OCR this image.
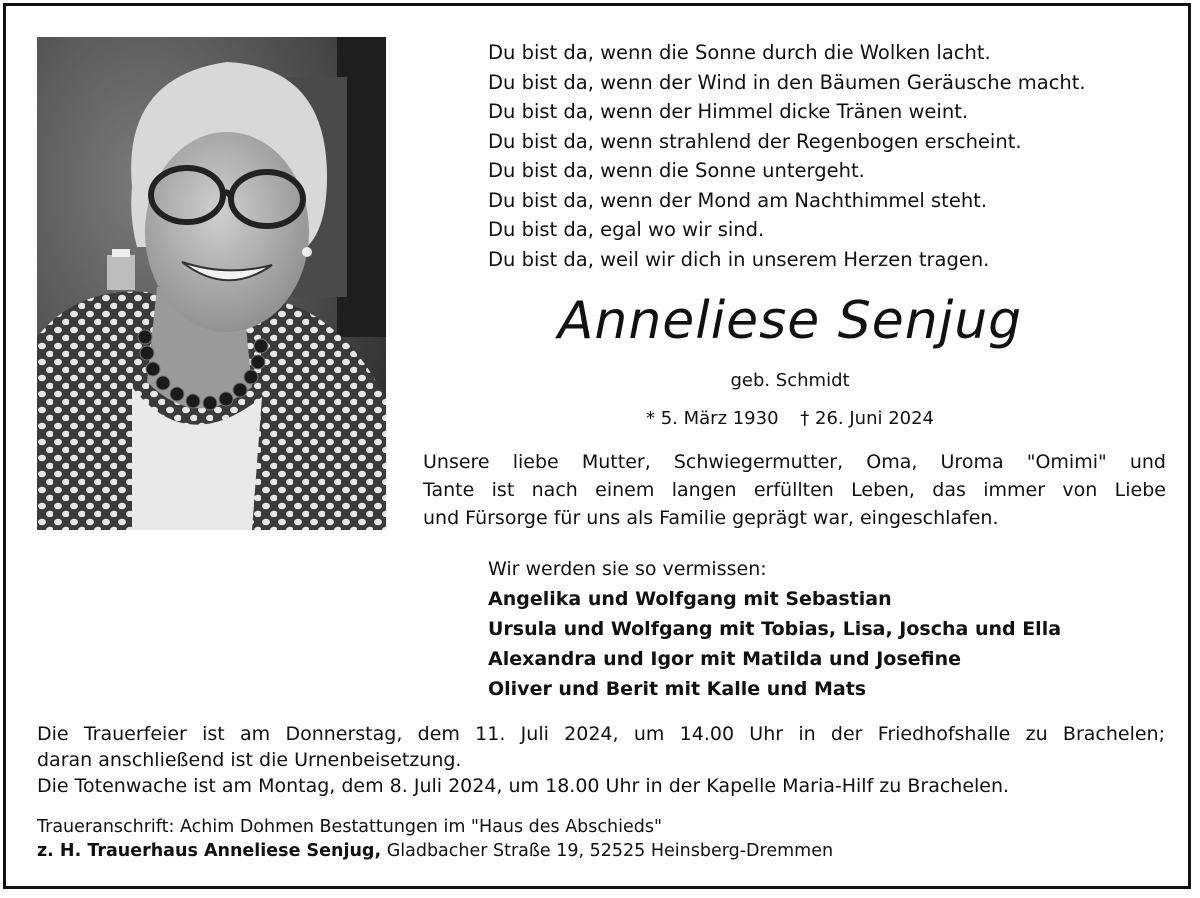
Du bist da, wenn die Sonne durch die Wolken lacht.
Du bist da, wenn der Wind in den Bäumen Geräusche macht.
Du bist da, wenn der Himmel dicke Tränen weint.
Du bist da, wenn strahlend der Regenbogen erscheint.
Du bist da, wenn die Sonne untergeht.
Du bist da, wenn der Mond am Nachthimmel steht.
Du bist da, egal wo wir sind.
Du bist da, weil wir dich in unserem Herzen tragen.
Anneliese Senjug
geb. Schmidt
* 5. März 1930 † 26. Juni 2024
Unsere liebe Mutter, Schwiegermutter, Oma, Uroma "Omimi" und
Tante ist nach einem langen erfüllten Leben, das immer von Liebe
und Fürsorge für uns als Familie geprägt war, eingeschlafen.
Wir werden sie so vermissen:
Angelika und Wolfgang mit Sebastian
Ursula und Wolfgang mit Tobias, Lisa, Joscha und Ella
Alexandra und Igor mit Matilda und Josefine
Oliver und Berit mit Kalle und Mats
Die Trauerfeier ist am Donnerstag, dem 11. Juli 2024, um 14.00 Uhr in der Friedhofshalle zu Brachelen;
daran anschließend ist die Urnenbeisetzung.
Die Totenwache ist am Montag, dem 8. Juli 2024, um 18.00 Uhr in der Kapelle Maria-Hilf zu Brachelen.
Traueranschrift: Achim Dohmen Bestattungen im "Haus des Abschieds"
z. H. Trauerhaus Anneliese Senjug, Gladbacher Straße 19, 52525 Heinsberg-Dremmen
